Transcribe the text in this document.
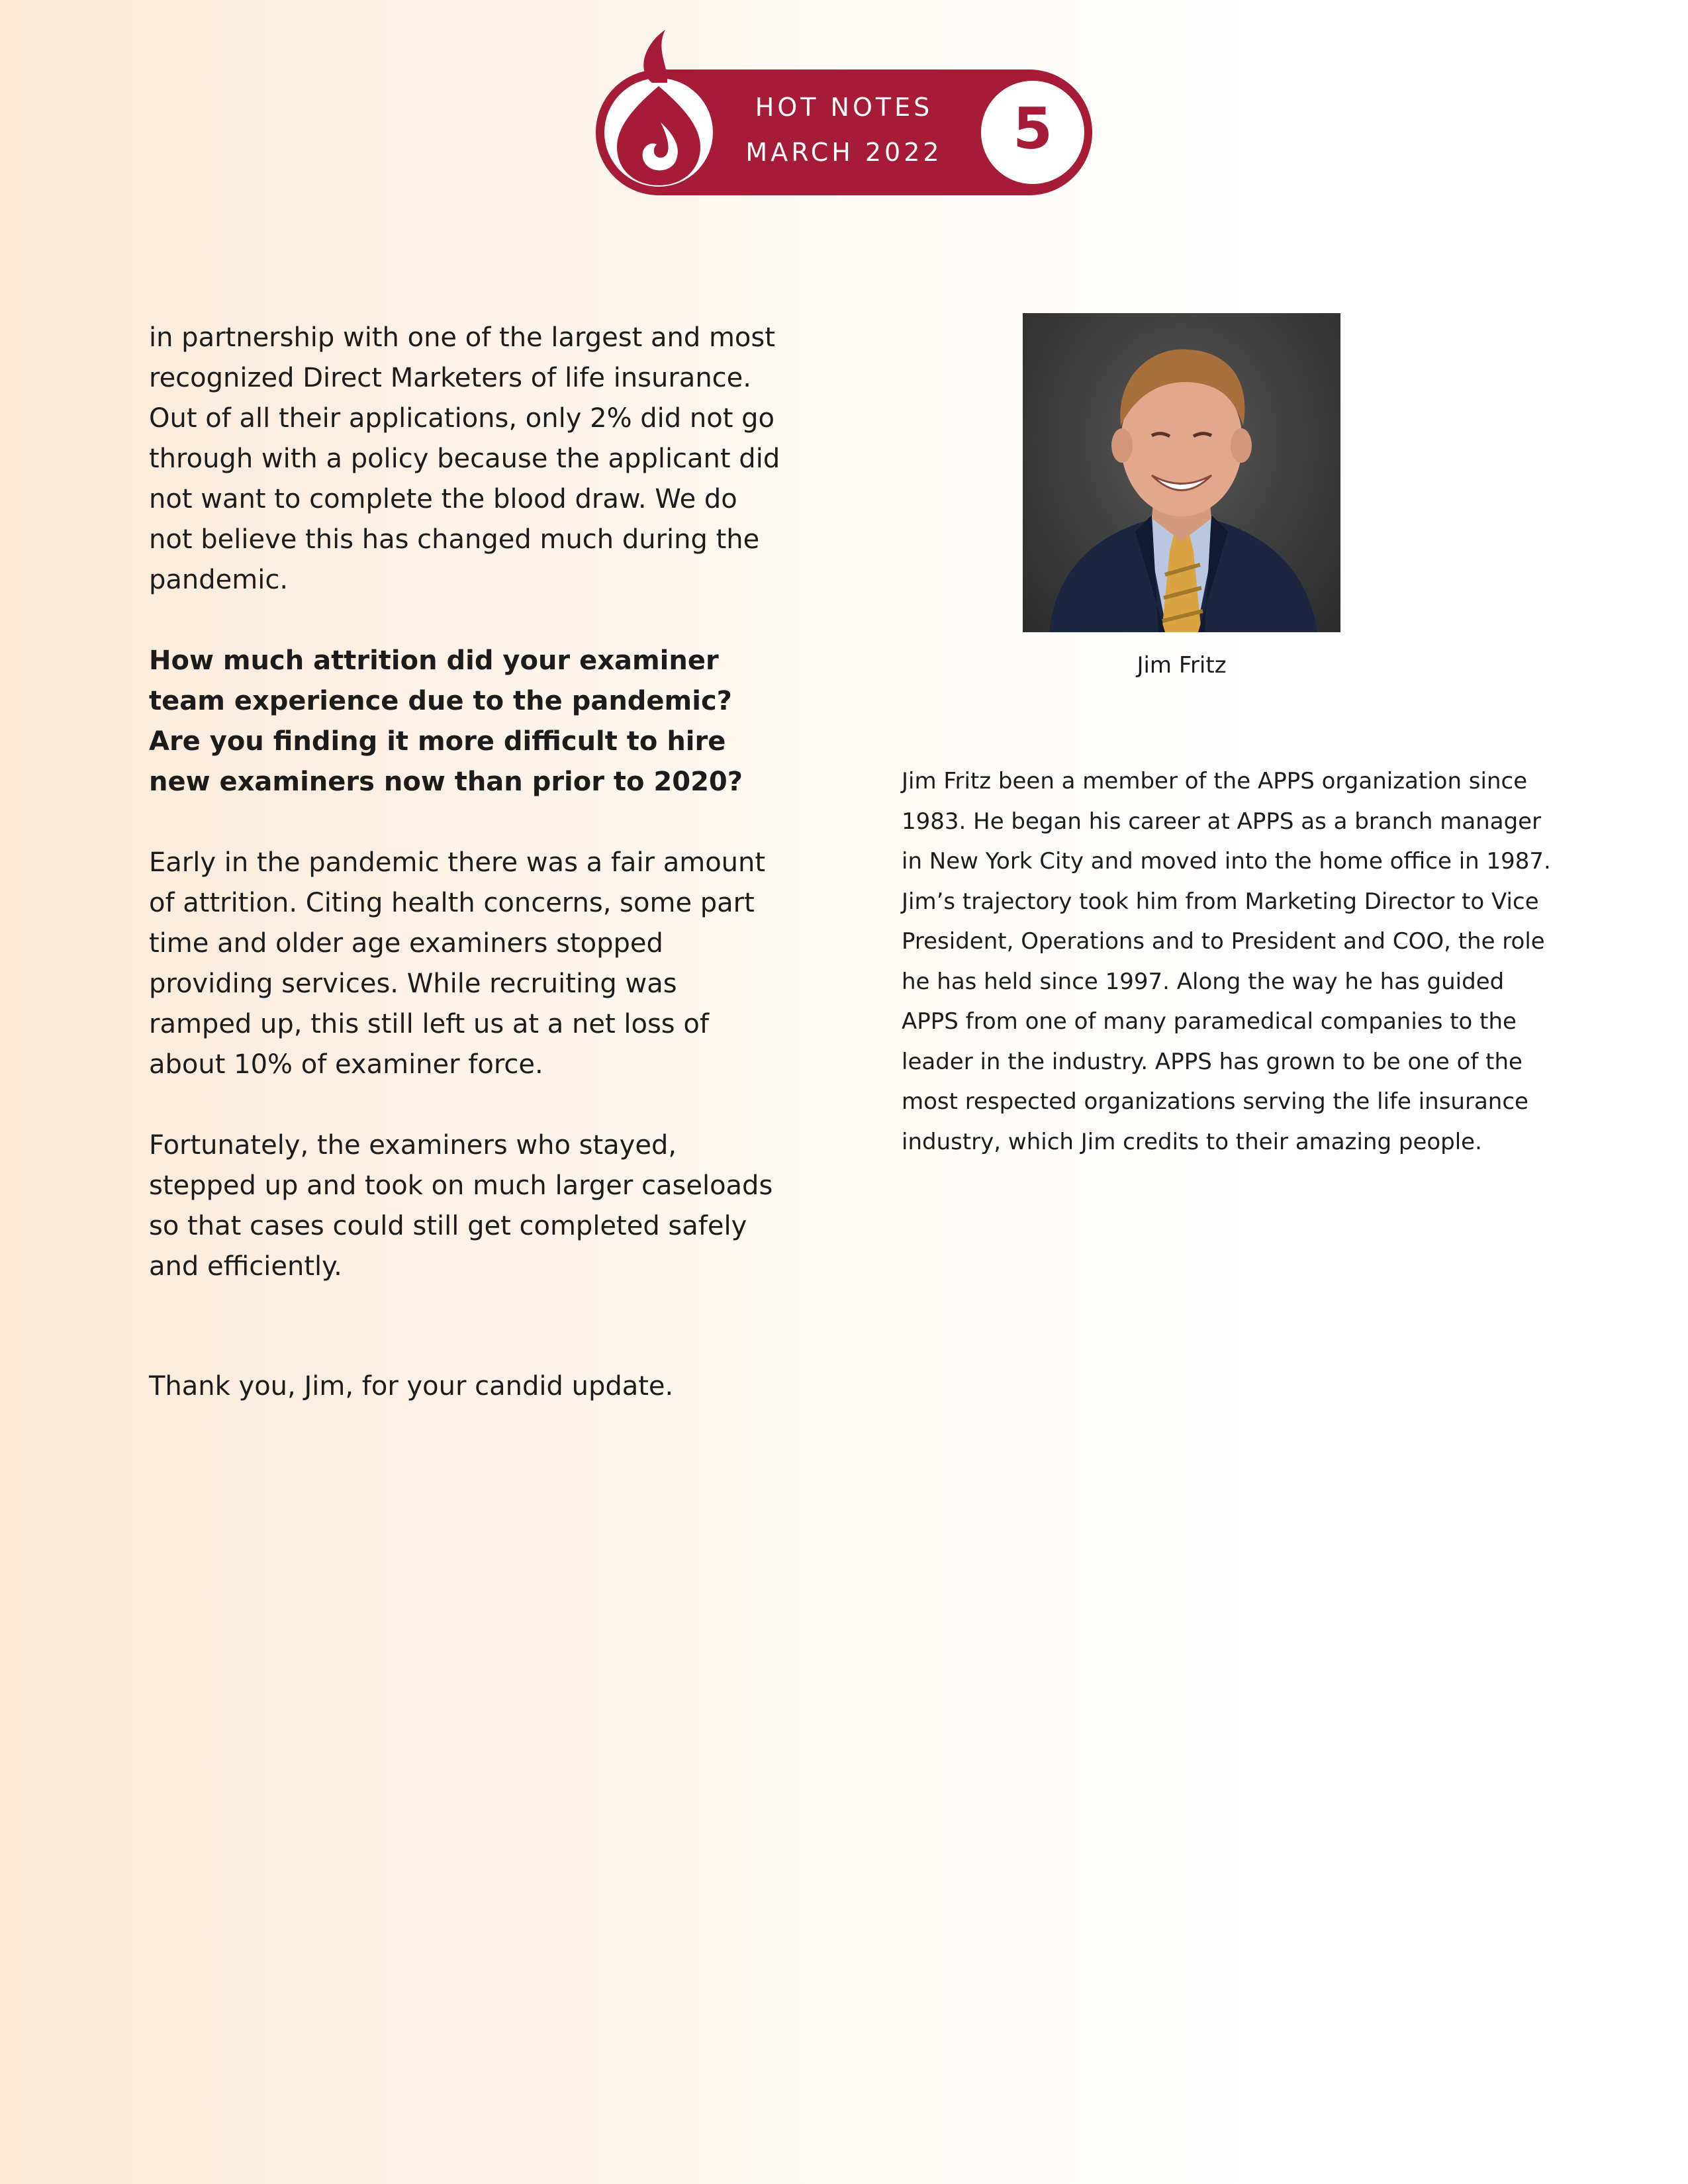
HOT NOTES
MARCH 2022	5

in partnership with one of the largest and most recognized Direct Marketers of life insurance. Out of all their applications, only 2% did not go through with a policy because the applicant did not want to complete the blood draw. We do not believe this has changed much during the pandemic.

How much attrition did your examiner team experience due to the pandemic? Are you finding it more difficult to hire new examiners now than prior to 2020?

Early in the pandemic there was a fair amount of attrition. Citing health concerns, some part time and older age examiners stopped providing services. While recruiting was ramped up, this still left us at a net loss of about 10% of examiner force.

Fortunately, the examiners who stayed, stepped up and took on much larger caseloads so that cases could still get completed safely and efficiently.

Thank you, Jim, for your candid update.

Jim Fritz
Jim Fritz been a member of the APPS organization since 1983. He began his career at APPS as a branch manager in New York City and moved into the home office in 1987. Jim’s trajectory took him from Marketing Director to Vice President, Operations and to President and COO, the role he has held since 1997. Along the way he has guided APPS from one of many paramedical companies to the leader in the industry. APPS has grown to be one of the most respected organizations serving the life insurance industry, which Jim credits to their amazing people.
